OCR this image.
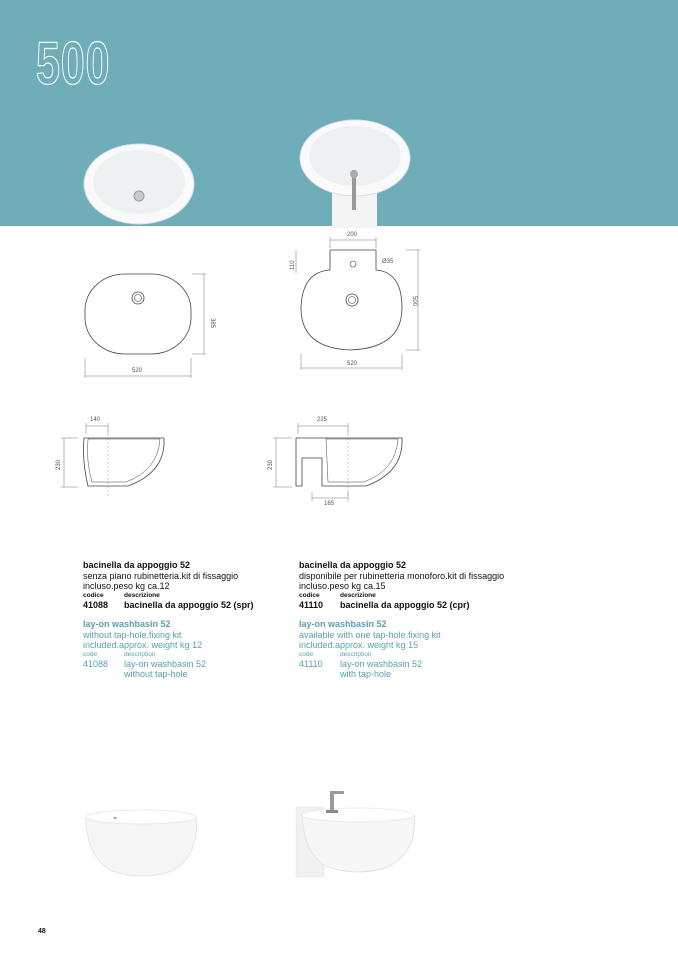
500
520
385
200
110	Ø35
520
500
140
230
225
230
165

bacinella da appoggio 52

senza piano rubinetteria.kit di fissaggio

incluso.peso kg ca.12

codice	descrizione
41088	bacinella da appoggio 52 (spr)

lay-on washbasin 52

without tap-hole.fixing kit

included.approx. weight kg 12

code	description
41088	lay-on washbasin 52
without tap-hole

bacinella da appoggio 52

disponibile per rubinetteria monoforo.kit di fissaggio

incluso.peso kg ca.15

codice	descrizione
41110	bacinella da appoggio 52 (cpr)

lay-on washbasin 52

available with one tap-hole.fixing kit

included.approx. weight kg 15

code	description
41110	lay-on washbasin 52
with tap-hole
48
